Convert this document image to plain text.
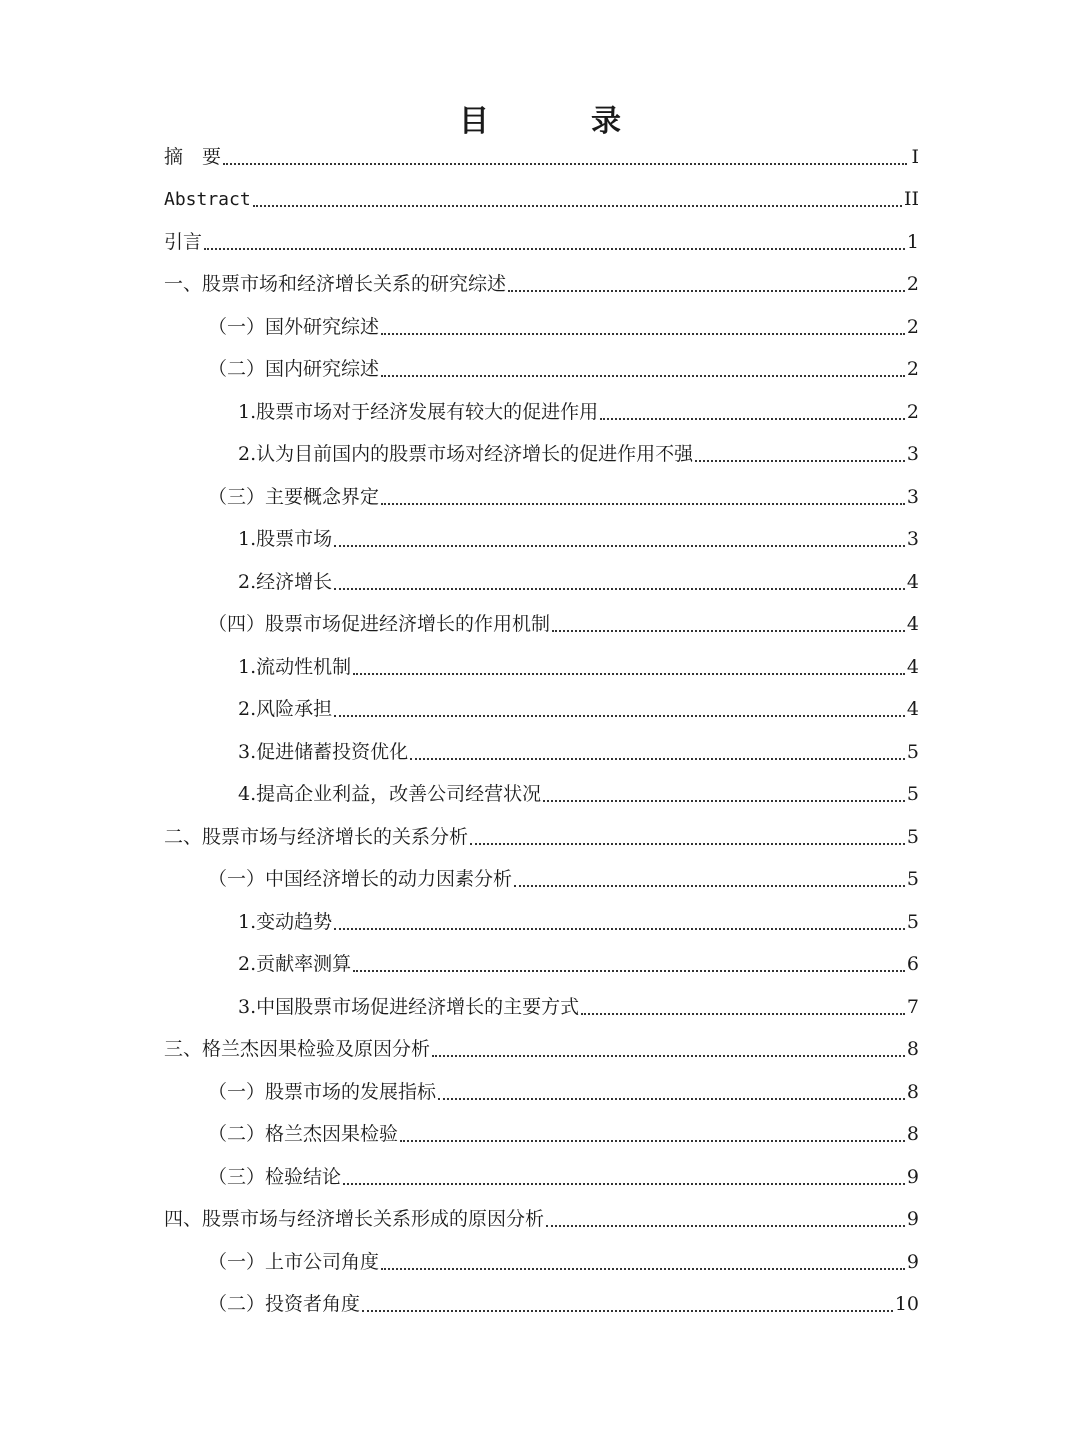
目　录
摘　要	I
Abstract	II
引言	1
一、股票市场和经济增长关系的研究综述	2
（一）国外研究综述	2
（二）国内研究综述	2
1.股票市场对于经济发展有较大的促进作用	2
2.认为目前国内的股票市场对经济增长的促进作用不强	3
（三）主要概念界定	3
1.股票市场	3
2.经济增长	4
（四）股票市场促进经济增长的作用机制	4
1.流动性机制	4
2.风险承担	4
3.促进储蓄投资优化	5
4.提高企业利益，改善公司经营状况	5
二、股票市场与经济增长的关系分析	5
（一）中国经济增长的动力因素分析	5
1.变动趋势	5
2.贡献率测算	6
3.中国股票市场促进经济增长的主要方式	7
三、格兰杰因果检验及原因分析	8
（一）股票市场的发展指标	8
（二）格兰杰因果检验	8
（三）检验结论	9
四、股票市场与经济增长关系形成的原因分析	9
（一）上市公司角度	9
（二）投资者角度	10
